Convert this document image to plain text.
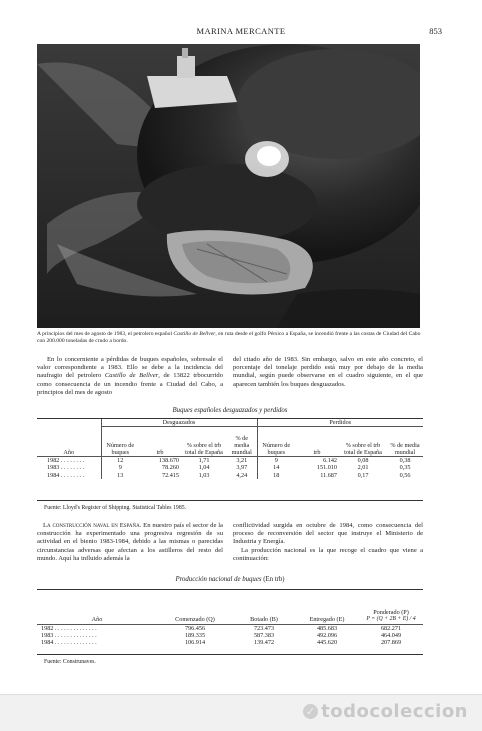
MARINA MERCANTE	853
A principios del mes de agosto de 1983, el petrolero español Castillo de Bellver, en ruta desde el golfo Pérsico a España, se incendió frente a las costas de Ciudad del Cabo con 200.000 toneladas de crudo a bordo.

En lo concerniente a pérdidas de buques españoles, sobresale el valor correspondiente a 1983. Ello se debe a la incidencia del naufragio del petrolero Castillo de Bellver, de 13822 trbocurrido como consecuencia de un incendio frente a Ciudad del Cabo, a principios del mes de agosto

del citado año de 1983. Sin embargo, salvo en este año concreto, el porcentaje del tonelaje perdido está muy por debajo de la media mundial, según puede observarse en el cuadro siguiente, en el que aparecen también los buques desguazados.

Buques españoles desguazados y perdidos
Año	Desguazados				Perdidos			
	Número de buques	trb	% sobre el trb total de España	% de media mundial	Número de buques	trb	% sobre el trb total de España	% de media mundial
1982 . . . . . . . .	12	138.670	1,71	3,21	9	6.142	0,08	0,38
1983 . . . . . . . .	9	78.260	1,04	3,97	14	151.010	2,01	0,35
1984 . . . . . . . .	13	72.415	1,03	4,24	18	11.687	0,17	0,56
Fuente: Lloyd's Register of Shipping. Statistical Tables 1985.

La construcción naval en España. En nuestro país el sector de la construcción ha experimentado una progresiva regresión de su actividad en el bienio 1983-1984, debido a las mismas o parecidas circunstancias adversas que afectan a los astilleros del resto del mundo. Aquí ha influido además la

conflictividad surgida en octubre de 1984, como consecuencia del proceso de reconversión del sector que instruye el Ministerio de Industria y Energía.

La producción nacional es la que recoge el cuadro que viene a continuación:

Producción nacional de buques (En trb)
Año	Comenzado (Q)	Botado (B)	Entregado (E)	Ponderado (P)
P = (Q + 2B + E) / 4

1982 . . . . . . . . . . . . . .	796.456	723.473	485.683	682.271
1983 . . . . . . . . . . . . . .	189.335	587.383	492.096	464.049
1984 . . . . . . . . . . . . . .	106.914	139.472	445.620	207.869
Fuente: Construnaves.
✓ todocoleccion
